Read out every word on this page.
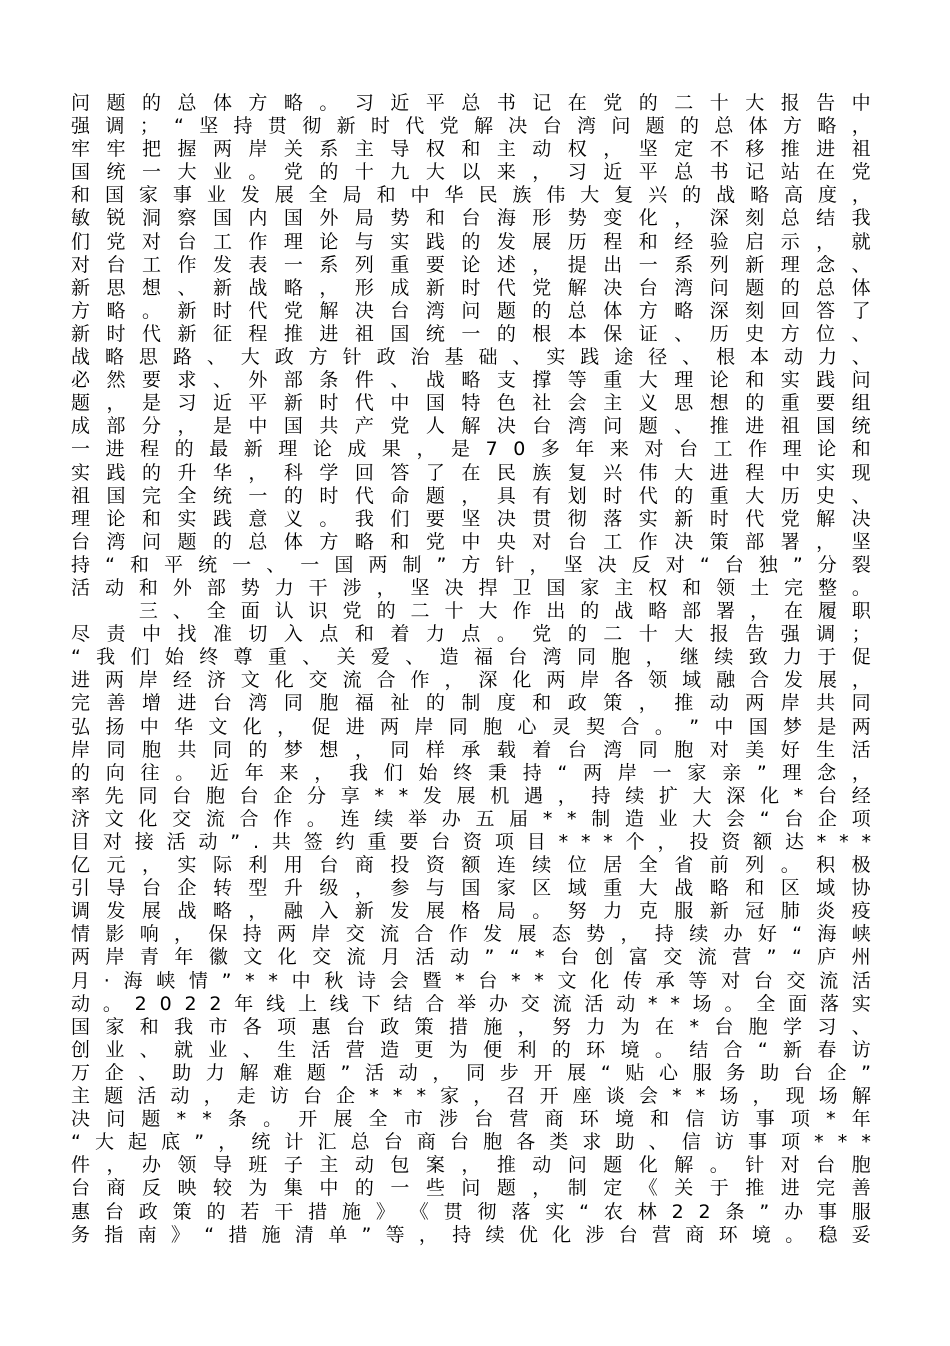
问 题 的 总 体 方 略 。 习 近 平 总 书 记 在 党 的 二 十 大 报 告 中
强 调 ； “ 坚 持 贯 彻 新 时 代 党 解 决 台 湾 问 题 的 总 体 方 略 ，
牢 牢 把 握 两 岸 关 系 主 导 权 和 主 动 权 ， 坚 定 不 移 推 进 祖
国 统 一 大 业 。 党 的 十 九 大 以 来 ， 习 近 平 总 书 记 站 在 党
和 国 家 事 业 发 展 全 局 和 中 华 民 族 伟 大 复 兴 的 战 略 高 度 ，
敏 锐 洞 察 国 内 国 外 局 势 和 台 海 形 势 变 化 ， 深 刻 总 结 我
们 党 对 台 工 作 理 论 与 实 践 的 发 展 历 程 和 经 验 启 示 ， 就
对 台 工 作 发 表 一 系 列 重 要 论 述 ， 提 出 一 系 列 新 理 念 、
新 思 想 、 新 战 略 ， 形 成 新 时 代 党 解 决 台 湾 问 题 的 总 体
方 略 。 新 时 代 党 解 决 台 湾 问 题 的 总 体 方 略 深 刻 回 答 了
新 时 代 新 征 程 推 进 祖 国 统 一 的 根 本 保 证 、 历 史 方 位 、
战 略 思 路 、 大 政 方 针 政 治 基 础 、 实 践 途 径 、 根 本 动 力 、
必 然 要 求 、 外 部 条 件 、 战 略 支 撑 等 重 大 理 论 和 实 践 问
题 ， 是 习 近 平 新 时 代 中 国 特 色 社 会 主 义 思 想 的 重 要 组
成 部 分 ， 是 中 国 共 产 党 人 解 决 台 湾 问 题 、 推 进 祖 国 统
一 进 程 的 最 新 理 论 成 果 ， 是 7 0 多 年 来 对 台 工 作 理 论 和
实 践 的 升 华 ， 科 学 回 答 了 在 民 族 复 兴 伟 大 进 程 中 实 现
祖 国 完 全 统 一 的 时 代 命 题 ， 具 有 划 时 代 的 重 大 历 史 、
理 论 和 实 践 意 义 。 我 们 要 坚 决 贯 彻 落 实 新 时 代 党 解 决
台 湾 问 题 的 总 体 方 略 和 党 中 央 对 台 工 作 决 策 部 署 ， 坚
持 “ 和 平 统 一 、 一 国 两 制 ” 方 针 ， 坚 决 反 对 “ 台 独 ” 分 裂
活 动 和 外 部 势 力 干 涉 ， 坚 决 捍 卫 国 家 主 权 和 领 土 完 整 。

三 、 全 面 认 识 党 的 二 十 大 作 出 的 战 略 部 署 ， 在 履 职
尽 责 中 找 准 切 入 点 和 着 力 点 。 党 的 二 十 大 报 告 强 调 ；
“ 我 们 始 终 尊 重 、 关 爱 、 造 福 台 湾 同 胞 ， 继 续 致 力 于 促
进 两 岸 经 济 文 化 交 流 合 作 ， 深 化 两 岸 各 领 域 融 合 发 展 ，
完 善 增 进 台 湾 同 胞 福 祉 的 制 度 和 政 策 ， 推 动 两 岸 共 同
弘 扬 中 华 文 化 ， 促 进 两 岸 同 胞 心 灵 契 合 。 ” 中 国 梦 是 两
岸 同 胞 共 同 的 梦 想 ， 同 样 承 载 着 台 湾 同 胞 对 美 好 生 活
的 向 往 。 近 年 来 ， 我 们 始 终 秉 持 “ 两 岸 一 家 亲 ” 理 念 ，
率 先 同 台 胞 台 企 分 享 * * 发 展 机 遇 ， 持 续 扩 大 深 化 * 台 经
济 文 化 交 流 合 作 。 连 续 举 办 五 届 * * 制 造 业 大 会 “ 台 企 项
目 对 接 活 动 ” . 共 签 约 重 要 台 资 项 目 * * * 个 ， 投 资 额 达 * * *
亿 元 ， 实 际 利 用 台 商 投 资 额 连 续 位 居 全 省 前 列 。 积 极
引 导 台 企 转 型 升 级 ， 参 与 国 家 区 域 重 大 战 略 和 区 域 协
调 发 展 战 略 ， 融 入 新 发 展 格 局 。 努 力 克 服 新 冠 肺 炎 疫
情 影 响 ， 保 持 两 岸 交 流 合 作 发 展 态 势 ， 持 续 办 好 “ 海 峡
两 岸 青 年 徽 文 化 交 流 月 活 动 ” “ * 台 创 富 交 流 营 ” “ 庐 州
月 · 海 峡 情 ” * * 中 秋 诗 会 暨 * 台 * * 文 化 传 承 等 对 台 交 流 活
动 。 2 0 2 2 年 线 上 线 下 结 合 举 办 交 流 活 动 * * 场 。 全 面 落 实
国 家 和 我 市 各 项 惠 台 政 策 措 施 ， 努 力 为 在 * 台 胞 学 习 、
创 业 、 就 业 、 生 活 营 造 更 为 便 利 的 环 境 。 结 合 “ 新 春 访
万 企 、 助 力 解 难 题 ” 活 动 ， 同 步 开 展 “ 贴 心 服 务 助 台 企 ”
主 题 活 动 ， 走 访 台 企 * * * 家 ， 召 开 座 谈 会 * * 场 ， 现 场 解
决 问 题 * * 条 。 开 展 全 市 涉 台 营 商 环 境 和 信 访 事 项 * 年
“ 大 起 底 ” ， 统 计 汇 总 台 商 台 胞 各 类 求 助 、 信 访 事 项 * * *
件 ， 办 领 导 班 子 主 动 包 案 ， 推 动 问 题 化 解 。 针 对 台 胞
台 商 反 映 较 为 集 中 的 一 些 问 题 ， 制 定 《 关 于 推 进 完 善
惠 台 政 策 的 若 干 措 施 》 《 贯 彻 落 实 “ 农 林 2 2 条 ” 办 事 服
务 指 南 》 “ 措 施 清 单 ” 等 ， 持 续 优 化 涉 台 营 商 环 境 。 稳 妥
